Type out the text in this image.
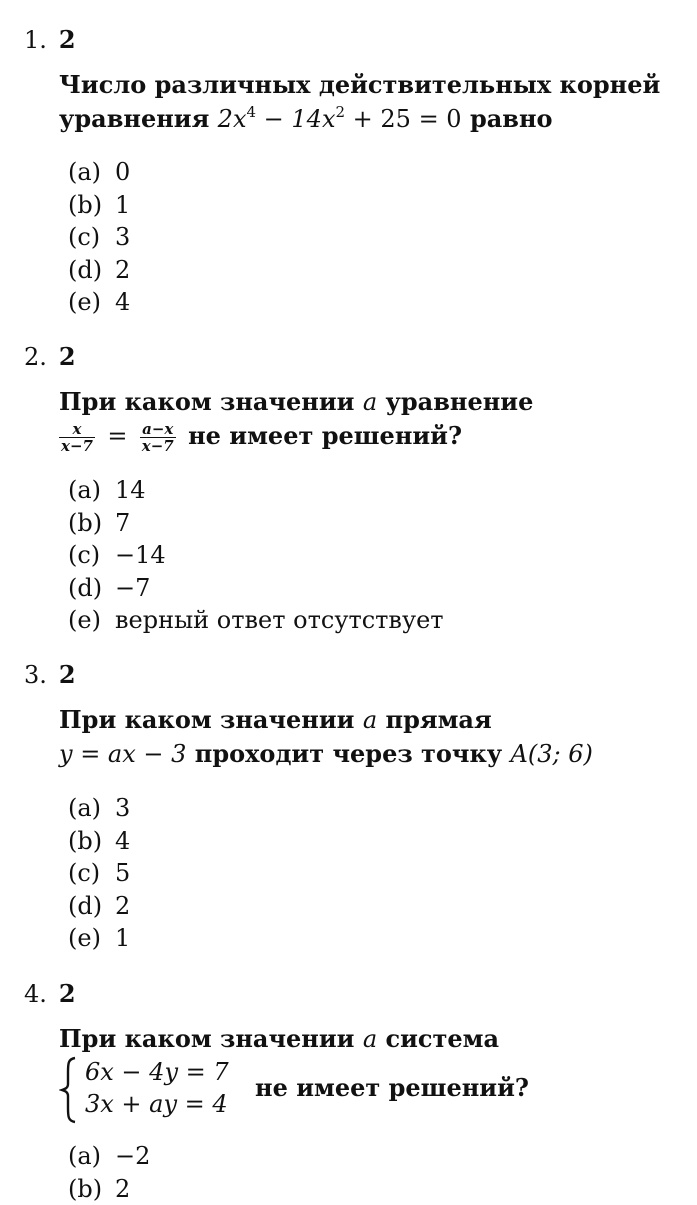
1. 2
Число различных действительных корней
уравнения $2x^4 - 14x^2 + 25 = 0$ равно
(a) 0
(b) 1
(c) 3
(d) 2
(e) 4
2. 2
При каком значении a уравнение
$\frac{x}{x-7} = \frac{a-x}{x-7}$ не имеет решений?
(a) 14
(b) 7
(c) −14
(d) −7
(e) верный ответ отсутствует
3. 2
При каком значении a прямая
y = ax − 3 проходит через точку A(3; 6)
(a) 3
(b) 4
(c) 5
(d) 2
(e) 1
4. 2
При каком значении a система
6x − 4y = 7
3x + ay = 4
не имеет решений?
(a) −2
(b) 2
